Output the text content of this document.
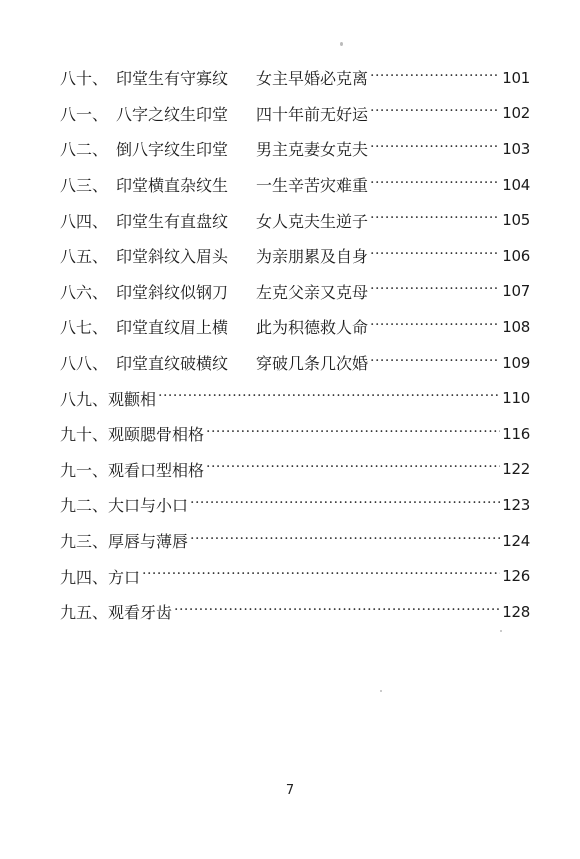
八十、 印堂生有守寡纹	女主早婚必克离 ·····	101
八一、 八字之纹生印堂	四十年前无好运 ·····	102
八二、 倒八字纹生印堂	男主克妻女克夫 ·····	103
八三、 印堂横直杂纹生	一生辛苦灾难重 ·····	104
八四、 印堂生有直盘纹	女人克夫生逆子 ·····	105
八五、 印堂斜纹入眉头	为亲朋累及自身 ·····	106
八六、 印堂斜纹似钢刀	左克父亲又克母 ·····	107
八七、 印堂直纹眉上横	此为积德救人命 ·····	108
八八、 印堂直纹破横纹	穿破几条几次婚 ·····	109
八九、 观颧相 ·····	110
九十、 观颐腮骨相格 ·····	116
九一、 观看口型相格 ·····	122
九二、 大口与小口 ·····	123
九三、 厚唇与薄唇 ·····	124
九四、 方口 ·····	126
九五、 观看牙齿 ·····	128
7
